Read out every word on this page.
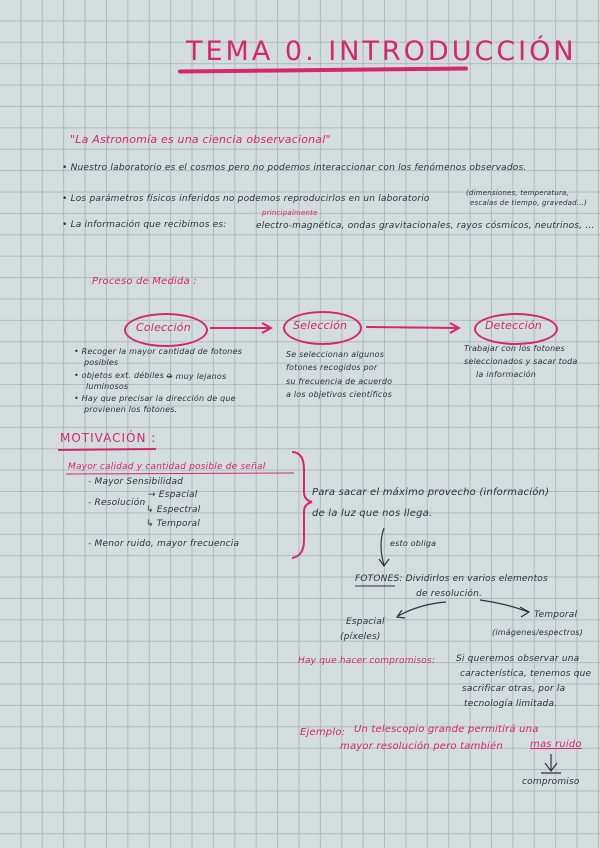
TEMA 0. INTRODUCCIÓN
"La Astronomía es una ciencia observacional"
• Nuestro laboratorio es el cosmos pero no podemos interaccionar con los fenómenos observados.
• Los parámetros físicos inferidos no podemos reproducirlos en un laboratorio
(dimensiones, temperatura,
escalas de tiempo, gravedad...)
• La información que recibimos es:
principalmente
electro-magnética, ondas gravitacionales, rayos cósmicos, neutrinos, ...
Proceso de Medida :
Colección	Selección	Detección
• Recoger la mayor cantidad de fotones
posibles
• objetos ext. débiles o
luminosos
→ muy lejanos
• Hay que precisar la dirección de que
provienen los fotones.
Se seleccionan algunos
fotones recogidos por
su frecuencia de acuerdo
a los objetivos científicos
Trabajar con los fotones
seleccionados y sacar toda
la información
MOTIVACIÓN :
Mayor calidad y cantidad posible de señal
- Mayor Sensibilidad
- Resolución
→ Espacial
↳ Espectral
↳ Temporal
- Menor ruido, mayor frecuencia
Para sacar el máximo provecho (información)
de la luz que nos llega.
esto obliga
FOTONES: Dividirlos en varios elementos
de resolución.
Espacial
(píxeles)
Temporal
(imágenes/espectros)
Hay que hacer compromisos: Si queremos observar una
característica, tenemos que
sacrificar otras, por la
tecnología limitada.
Ejemplo: Un telescopio grande permitirá una
mayor resolución pero también	mas ruido
compromiso
